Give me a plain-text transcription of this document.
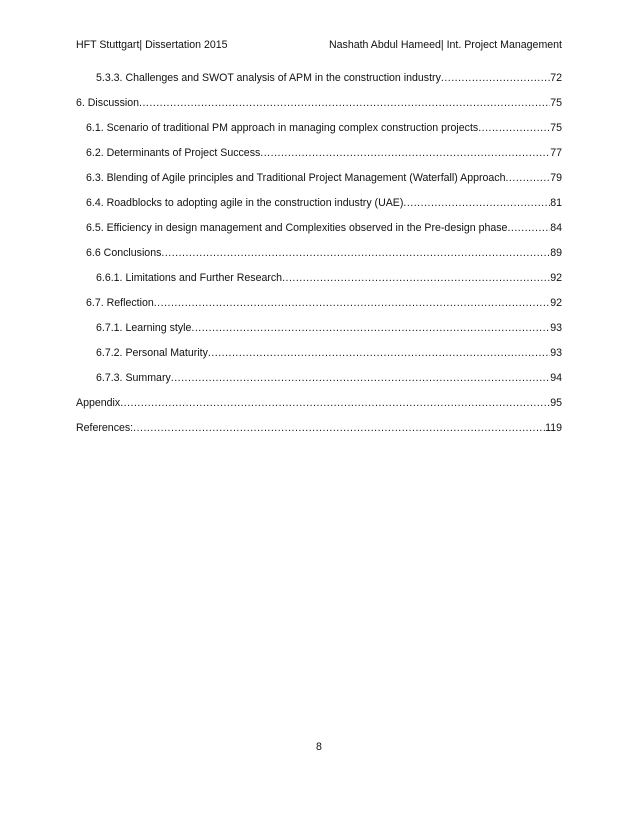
HFT Stuttgart| Dissertation 2015	Nashath Abdul Hameed| Int. Project Management
5.3.3. Challenges and SWOT analysis of APM in the construction industry .....	72
6. Discussion .....	75
6.1. Scenario of traditional PM approach in managing complex construction projects .....	75
6.2. Determinants of Project Success .....	77
6.3. Blending of Agile principles and Traditional Project Management (Waterfall) Approach .....	79
6.4. Roadblocks to adopting agile in the construction industry (UAE) .....	81
6.5. Efficiency in design management and Complexities observed in the Pre-design phase .....	84
6.6 Conclusions .....	89
6.6.1. Limitations and Further Research .....	92
6.7. Reflection .....	92
6.7.1. Learning style .....	93
6.7.2. Personal Maturity .....	93
6.7.3. Summary .....	94
Appendix .....	95
References: .....	119
8
